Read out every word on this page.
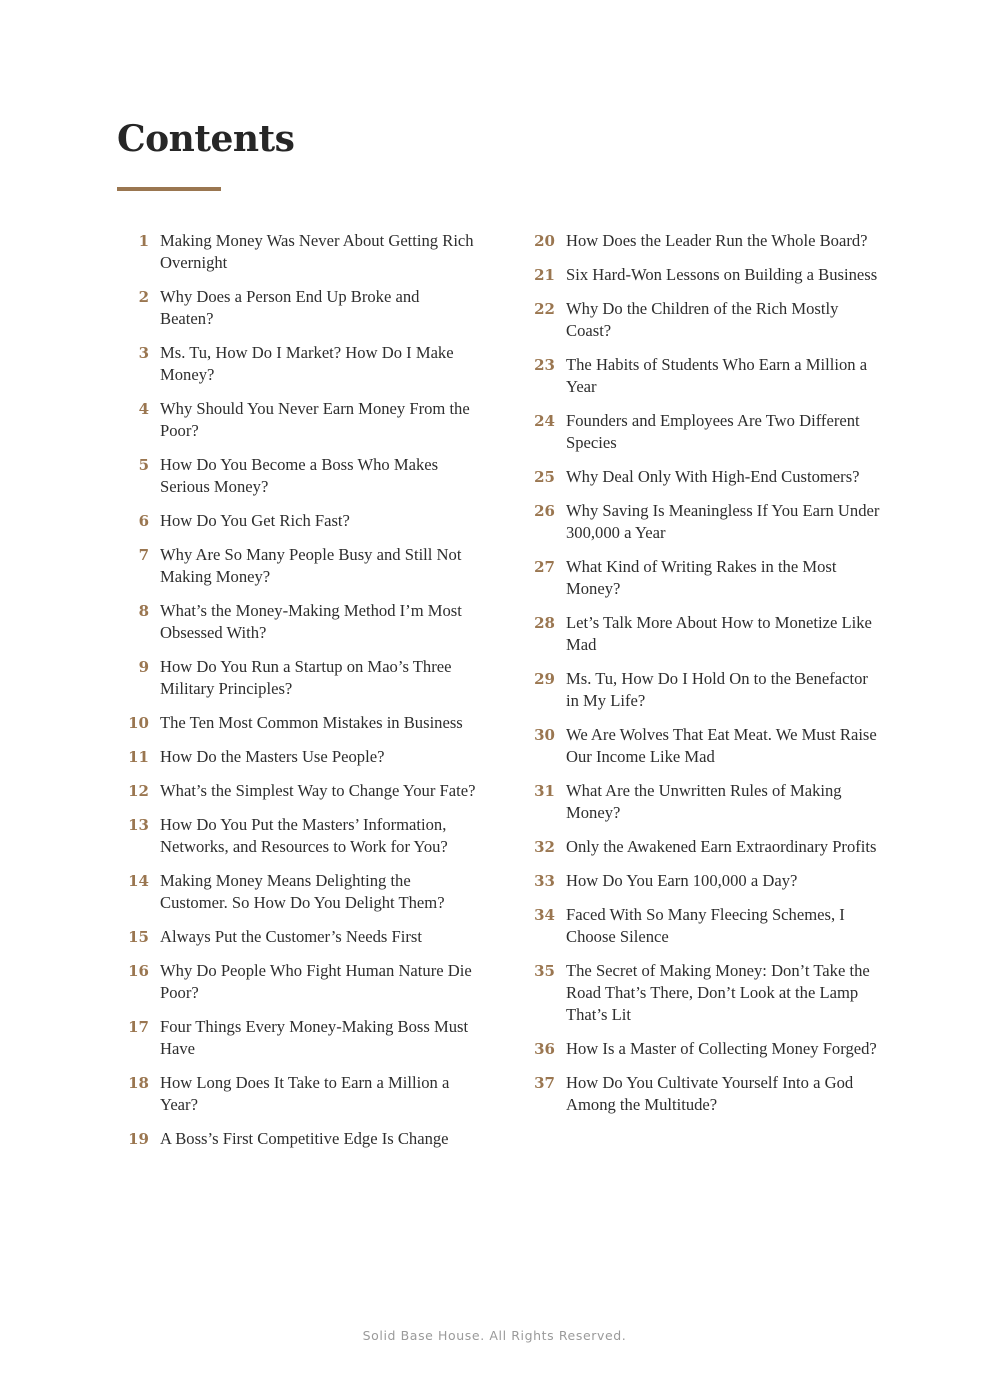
Contents
1 Making Money Was Never About Getting Rich Overnight
2 Why Does a Person End Up Broke and Beaten?
3 Ms. Tu, How Do I Market? How Do I Make Money?
4 Why Should You Never Earn Money From the Poor?
5 How Do You Become a Boss Who Makes Serious Money?
6 How Do You Get Rich Fast?
7 Why Are So Many People Busy and Still Not Making Money?
8 What’s the Money-Making Method I’m Most Obsessed With?
9 How Do You Run a Startup on Mao’s Three Military Principles?
10 The Ten Most Common Mistakes in Business
11 How Do the Masters Use People?
12 What’s the Simplest Way to Change Your Fate?
13 How Do You Put the Masters’ Information, Networks, and Resources to Work for You?
14 Making Money Means Delighting the Customer. So How Do You Delight Them?
15 Always Put the Customer’s Needs First
16 Why Do People Who Fight Human Nature Die Poor?
17 Four Things Every Money-Making Boss Must Have
18 How Long Does It Take to Earn a Million a Year?
19 A Boss’s First Competitive Edge Is Change
20 How Does the Leader Run the Whole Board?
21 Six Hard-Won Lessons on Building a Business
22 Why Do the Children of the Rich Mostly Coast?
23 The Habits of Students Who Earn a Million a Year
24 Founders and Employees Are Two Different Species
25 Why Deal Only With High-End Customers?
26 Why Saving Is Meaningless If You Earn Under 300,000 a Year
27 What Kind of Writing Rakes in the Most Money?
28 Let’s Talk More About How to Monetize Like Mad
29 Ms. Tu, How Do I Hold On to the Benefactor in My Life?
30 We Are Wolves That Eat Meat. We Must Raise Our Income Like Mad
31 What Are the Unwritten Rules of Making Money?
32 Only the Awakened Earn Extraordinary Profits
33 How Do You Earn 100,000 a Day?
34 Faced With So Many Fleecing Schemes, I Choose Silence
35 The Secret of Making Money: Don’t Take the Road That’s There, Don’t Look at the Lamp That’s Lit
36 How Is a Master of Collecting Money Forged?
37 How Do You Cultivate Yourself Into a God Among the Multitude?
Solid Base House. All Rights Reserved.
